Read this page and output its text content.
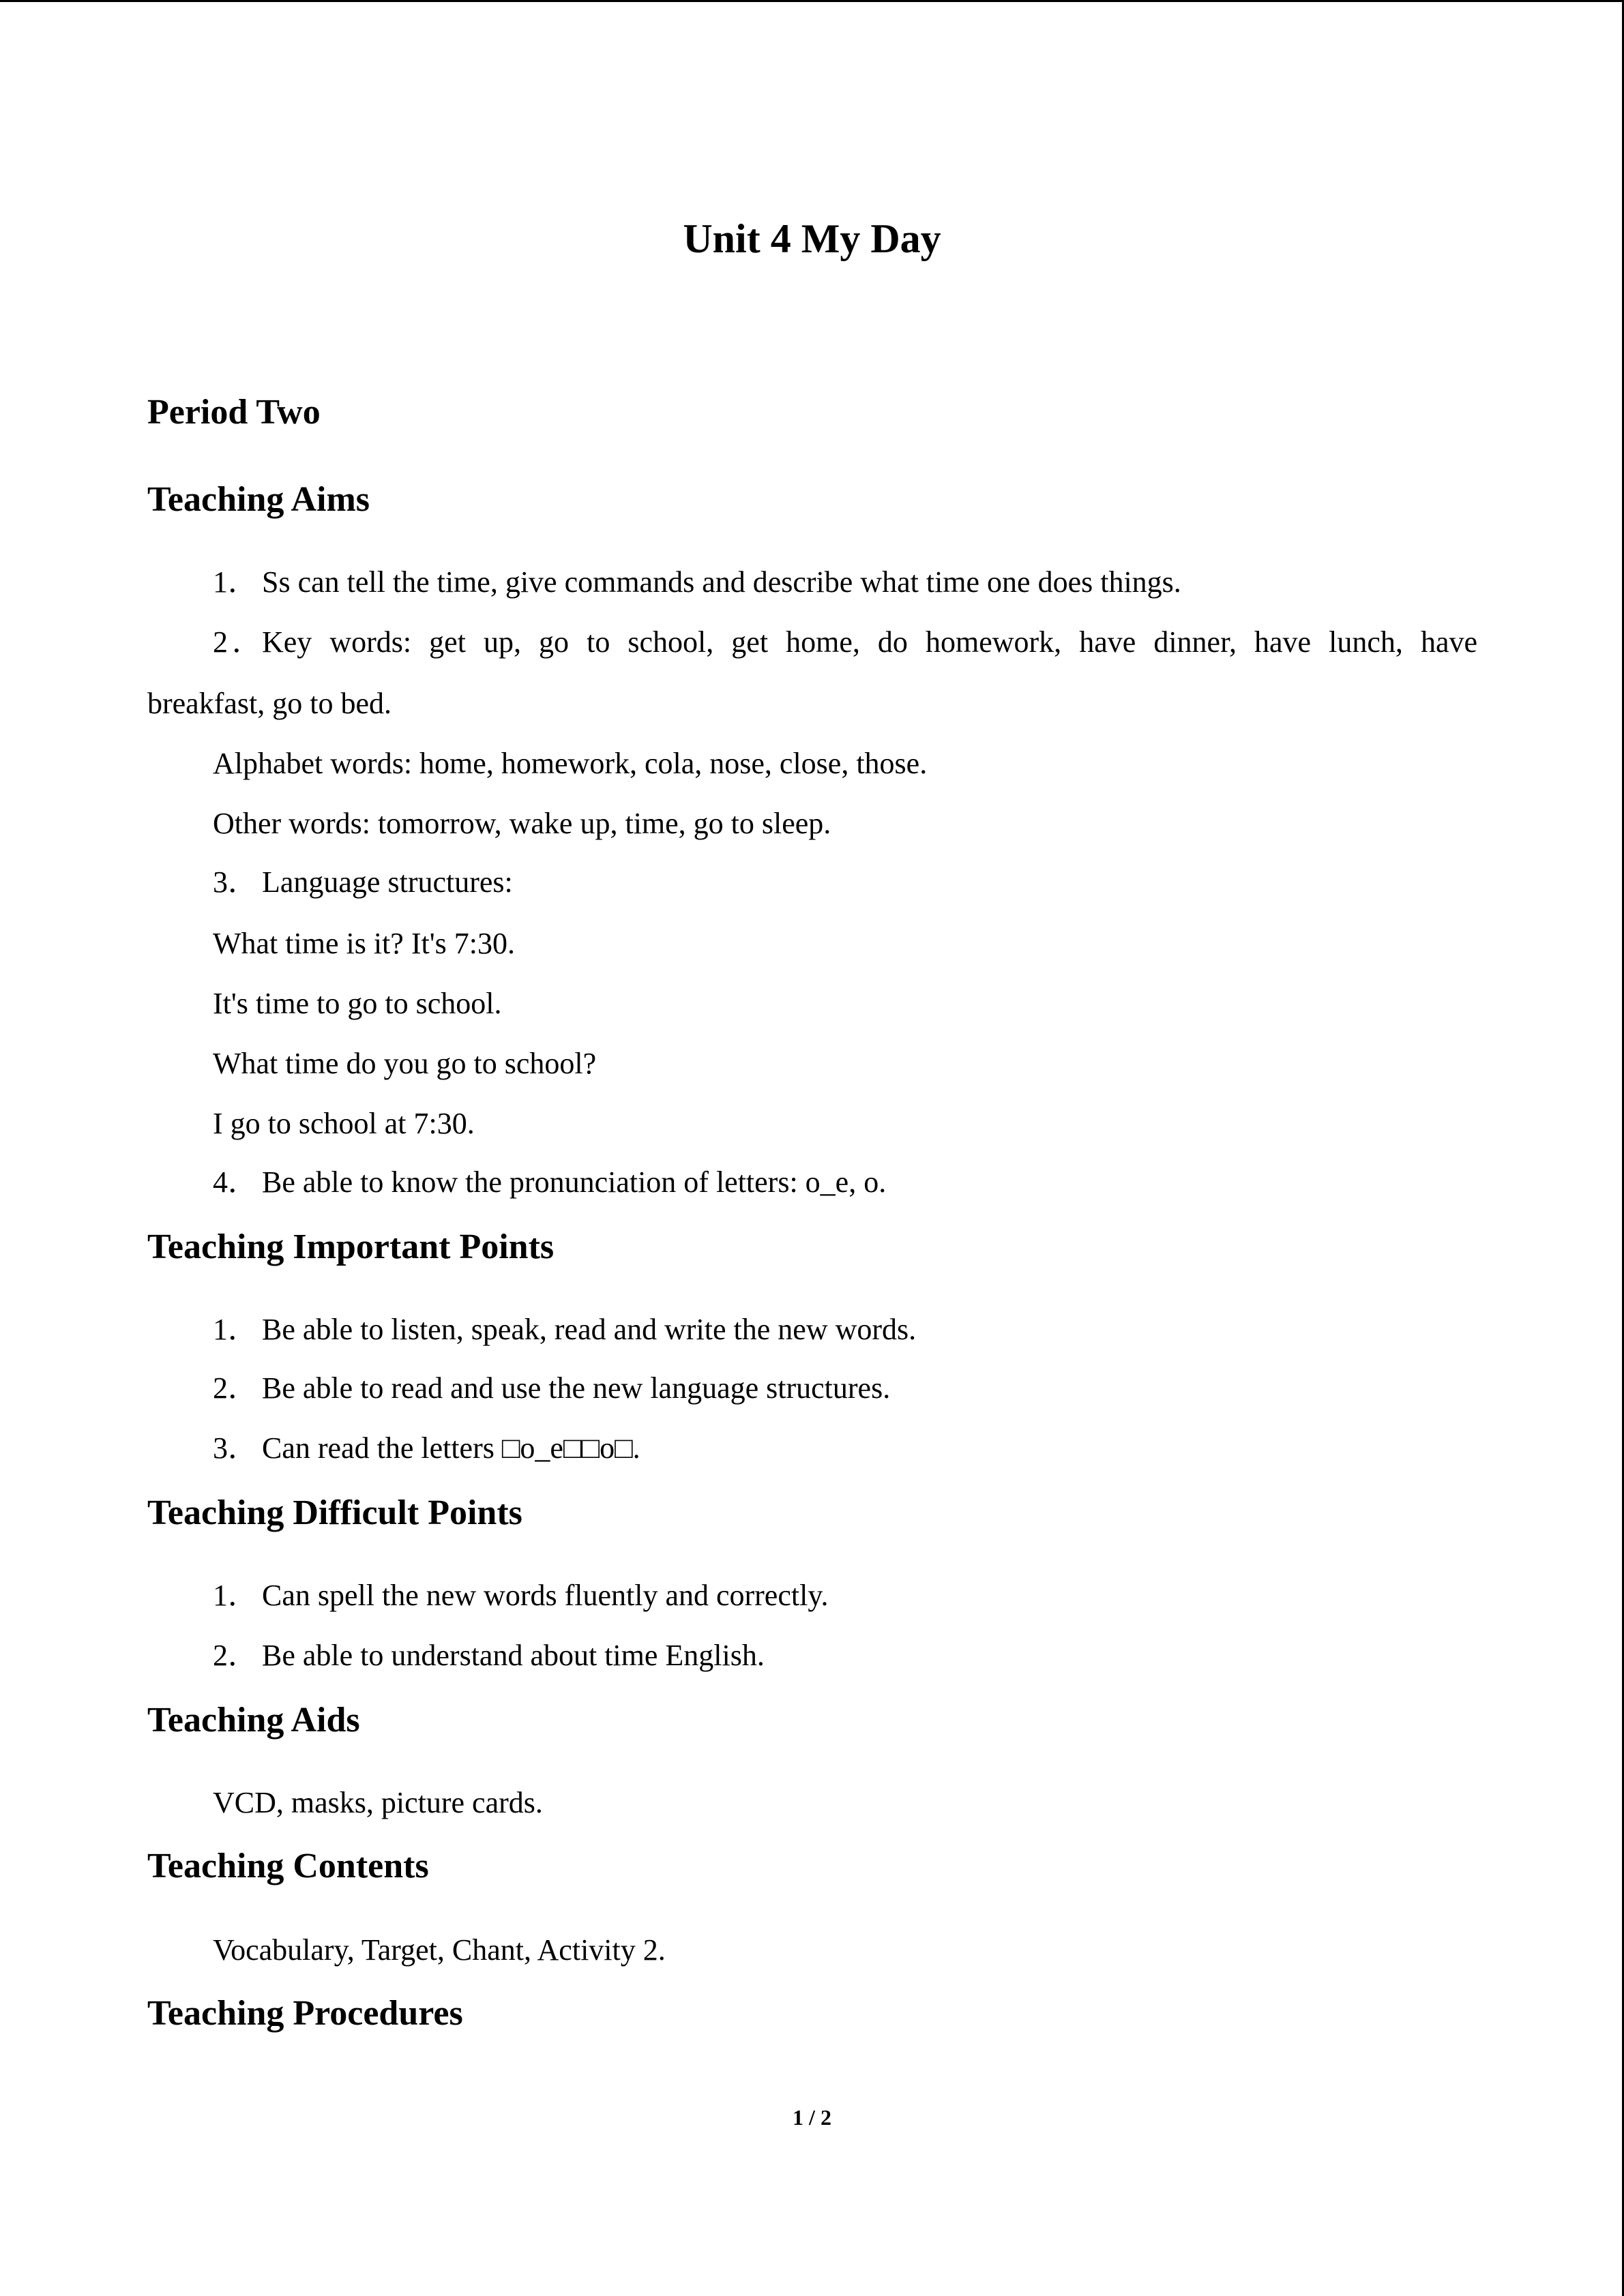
Unit 4 My Day
Period Two
Teaching Aims
1． Ss can tell the time, give commands and describe what time one does things.
2．Key words: get up, go to school, get home, do homework, have dinner, have lunch, have
breakfast, go to bed.
Alphabet words: home, homework, cola, nose, close, those.
Other words: tomorrow, wake up, time, go to sleep.
3． Language structures:
What time is it? It's 7:30.
It's time to go to school.
What time do you go to school?
I go to school at 7:30.
4． Be able to know the pronunciation of letters: o_e, o.
Teaching Important Points
1． Be able to listen, speak, read and write the new words.
2． Be able to read and use the new language structures.
3． Can read the letters □o_e□□o□.
Teaching Difficult Points
1． Can spell the new words fluently and correctly.
2． Be able to understand about time English.
Teaching Aids
VCD, masks, picture cards.
Teaching Contents
Vocabulary, Target, Chant, Activity 2.
Teaching Procedures
1 / 2
